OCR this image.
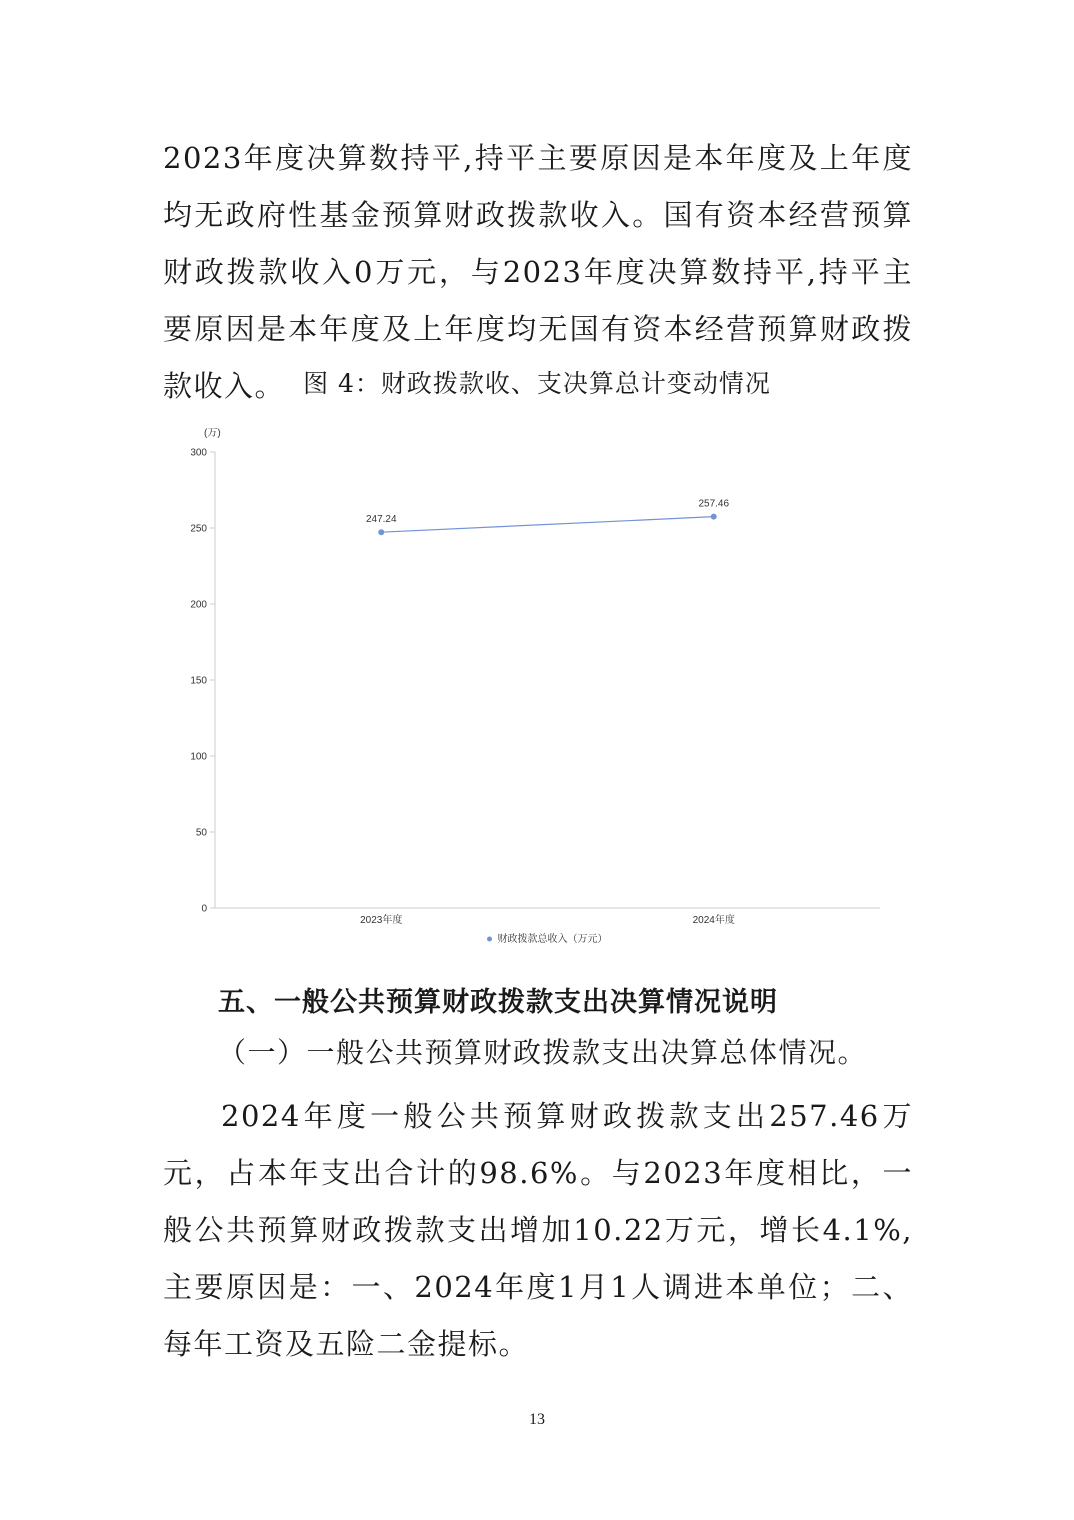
2023年度决算数持平,持平主要原因是本年度及上年度均无政府性基金预算财政拨款收入。国有资本经营预算财政拨款收入0万元，与2023年度决算数持平,持平主要原因是本年度及上年度均无国有资本经营预算财政拨款收入。 图 4：财政拨款收、支决算总计变动情况
(万)
0
50
100
150
200
250
300
2023年度	2024年度
247.24
257.46
财政拨款总收入（万元）
五、一般公共预算财政拨款支出决算情况说明
（一）一般公共预算财政拨款支出决算总体情况。

2024年度一般公共预算财政拨款支出257.46万元，占本年支出合计的98.6%。与2023年度相比，一般公共预算财政拨款支出增加10.22万元，增长4.1%,主要原因是：一、2024年度1月1人调进本单位；二、每年工资及五险二金提标。

13
